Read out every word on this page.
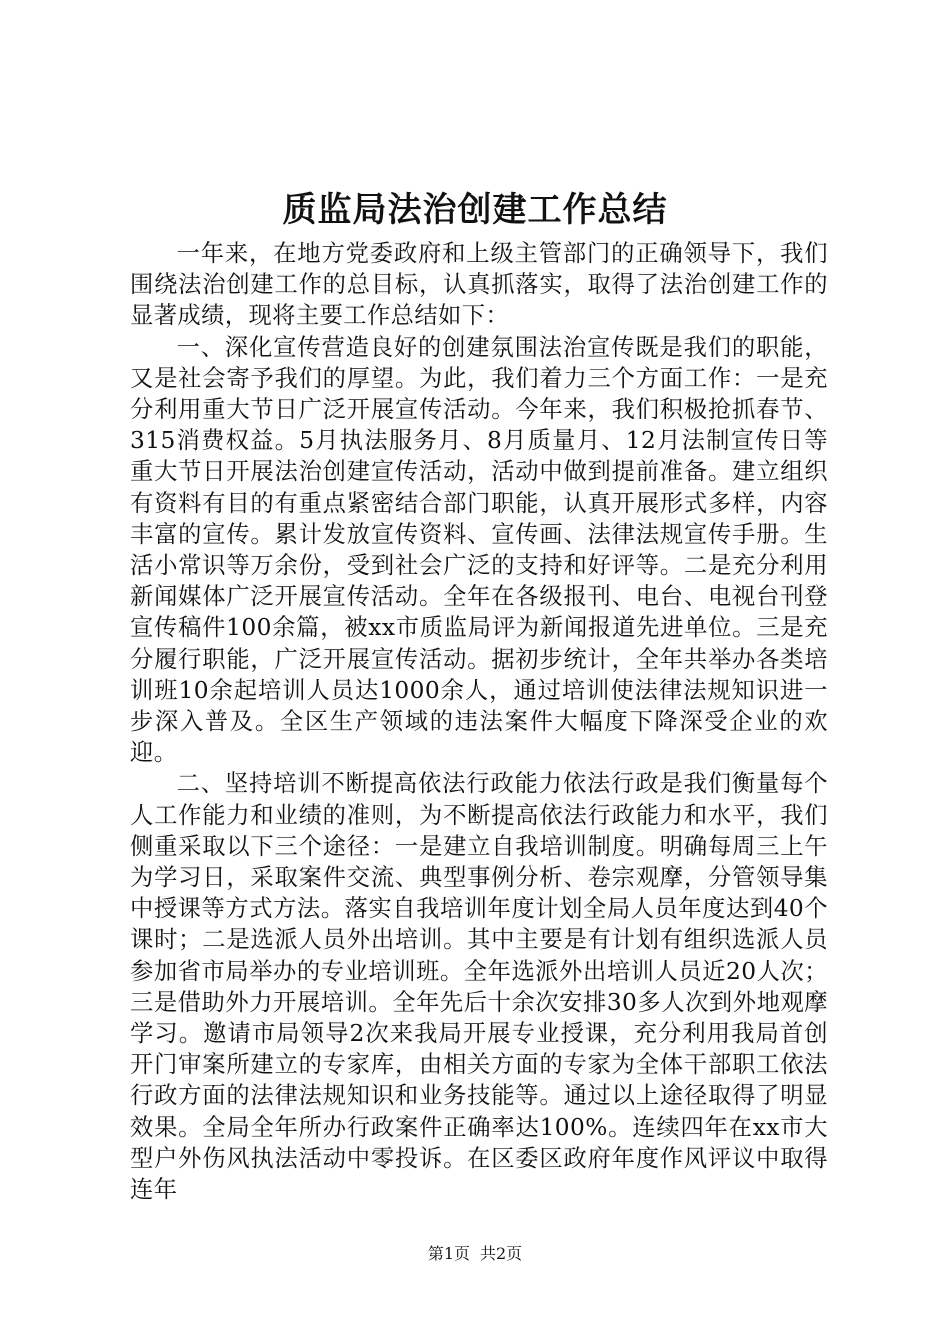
质监局法治创建工作总结

一年来，在地方党委政府和上级主管部门的正确领导下，我们围绕法治创建工作的总目标，认真抓落实，取得了法治创建工作的显著成绩，现将主要工作总结如下：

一、深化宣传营造良好的创建氛围法治宣传既是我们的职能，又是社会寄予我们的厚望。为此，我们着力三个方面工作：一是充分利用重大节日广泛开展宣传活动。今年来，我们积极抢抓春节、315消费权益。5月执法服务月、8月质量月、12月法制宣传日等重大节日开展法治创建宣传活动，活动中做到提前准备。建立组织有资料有目的有重点紧密结合部门职能，认真开展形式多样，内容丰富的宣传。累计发放宣传资料、宣传画、法律法规宣传手册。生活小常识等万余份，受到社会广泛的支持和好评等。二是充分利用新闻媒体广泛开展宣传活动。全年在各级报刊、电台、电视台刊登宣传稿件100余篇，被xx市质监局评为新闻报道先进单位。三是充分履行职能，广泛开展宣传活动。据初步统计，全年共举办各类培训班10余起培训人员达1000余人，通过培训使法律法规知识进一步深入普及。全区生产领域的违法案件大幅度下降深受企业的欢迎。

二、坚持培训不断提高依法行政能力依法行政是我们衡量每个人工作能力和业绩的准则，为不断提高依法行政能力和水平，我们侧重采取以下三个途径：一是建立自我培训制度。明确每周三上午为学习日，采取案件交流、典型事例分析、卷宗观摩，分管领导集中授课等方式方法。落实自我培训年度计划全局人员年度达到40个课时；二是选派人员外出培训。其中主要是有计划有组织选派人员参加省市局举办的专业培训班。全年选派外出培训人员近20人次；三是借助外力开展培训。全年先后十余次安排30多人次到外地观摩学习。邀请市局领导2次来我局开展专业授课，充分利用我局首创开门审案所建立的专家库，由相关方面的专家为全体干部职工依法行政方面的法律法规知识和业务技能等。通过以上途径取得了明显效果。全局全年所办行政案件正确率达100%。连续四年在xx市大型户外伤风执法活动中零投诉。在区委区政府年度作风评议中取得连年

第1页 共2页
